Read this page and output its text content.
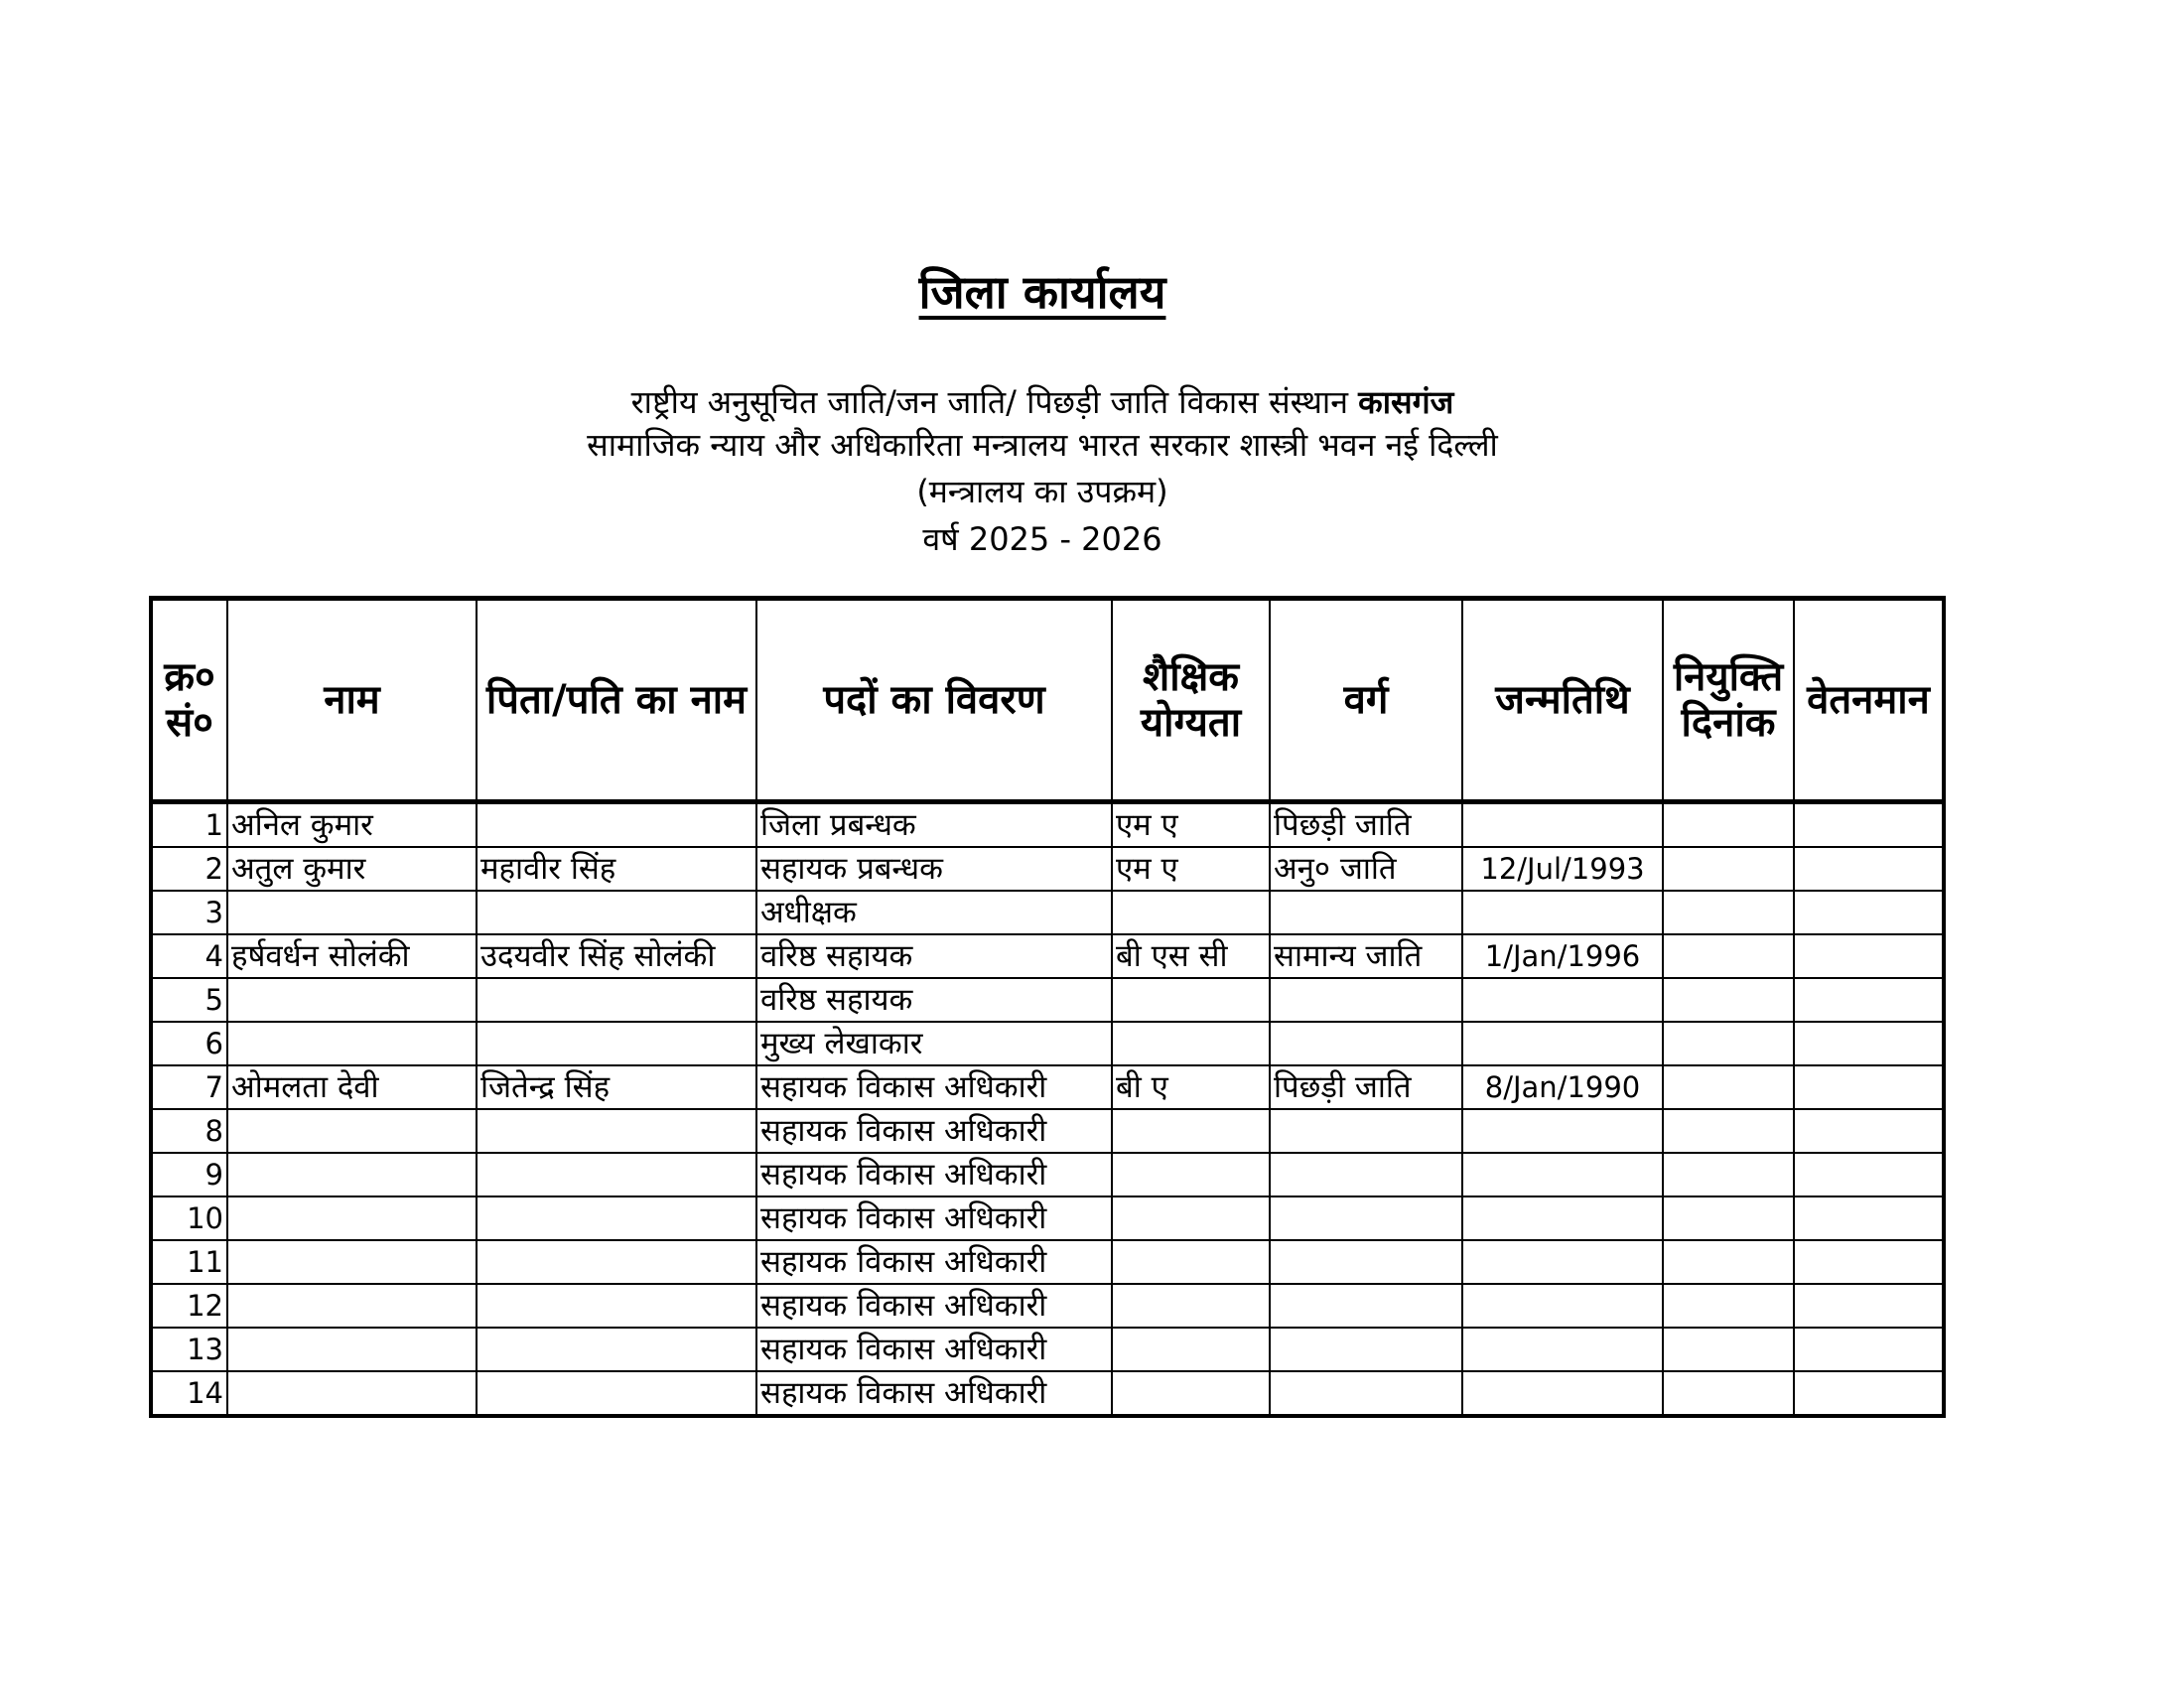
जिला कार्यालय
राष्ट्रीय अनुसूचित जाति/जन जाति/ पिछड़ी जाति विकास संस्थान कासगंज
सामाजिक न्याय और अधिकारिता मन्त्रालय भारत सरकार शास्त्री भवन नई दिल्ली
(मन्त्रालय का उपक्रम)
वर्ष 2025 - 2026
क्र० सं०	नाम	पिता/पति का नाम	पदों का विवरण	शैक्षिक योग्यता	वर्ग	जन्मतिथि	नियुक्ति दिनांक	वेतनमान
1	अनिल कुमार		जिला प्रबन्धक	एम ए	पिछड़ी जाति			
2	अतुल कुमार	महावीर सिंह	सहायक प्रबन्धक	एम ए	अनु० जाति	12/Jul/1993		
3			अधीक्षक					
4	हर्षवर्धन सोलंकी	उदयवीर सिंह सोलंकी	वरिष्ठ सहायक	बी एस सी	सामान्य जाति	1/Jan/1996		
5			वरिष्ठ सहायक					
6			मुख्य लेखाकार					
7	ओमलता देवी	जितेन्द्र सिंह	सहायक विकास अधिकारी	बी ए	पिछड़ी जाति	8/Jan/1990		
8			सहायक विकास अधिकारी					
9			सहायक विकास अधिकारी					
10			सहायक विकास अधिकारी					
11			सहायक विकास अधिकारी					
12			सहायक विकास अधिकारी					
13			सहायक विकास अधिकारी					
14			सहायक विकास अधिकारी					
